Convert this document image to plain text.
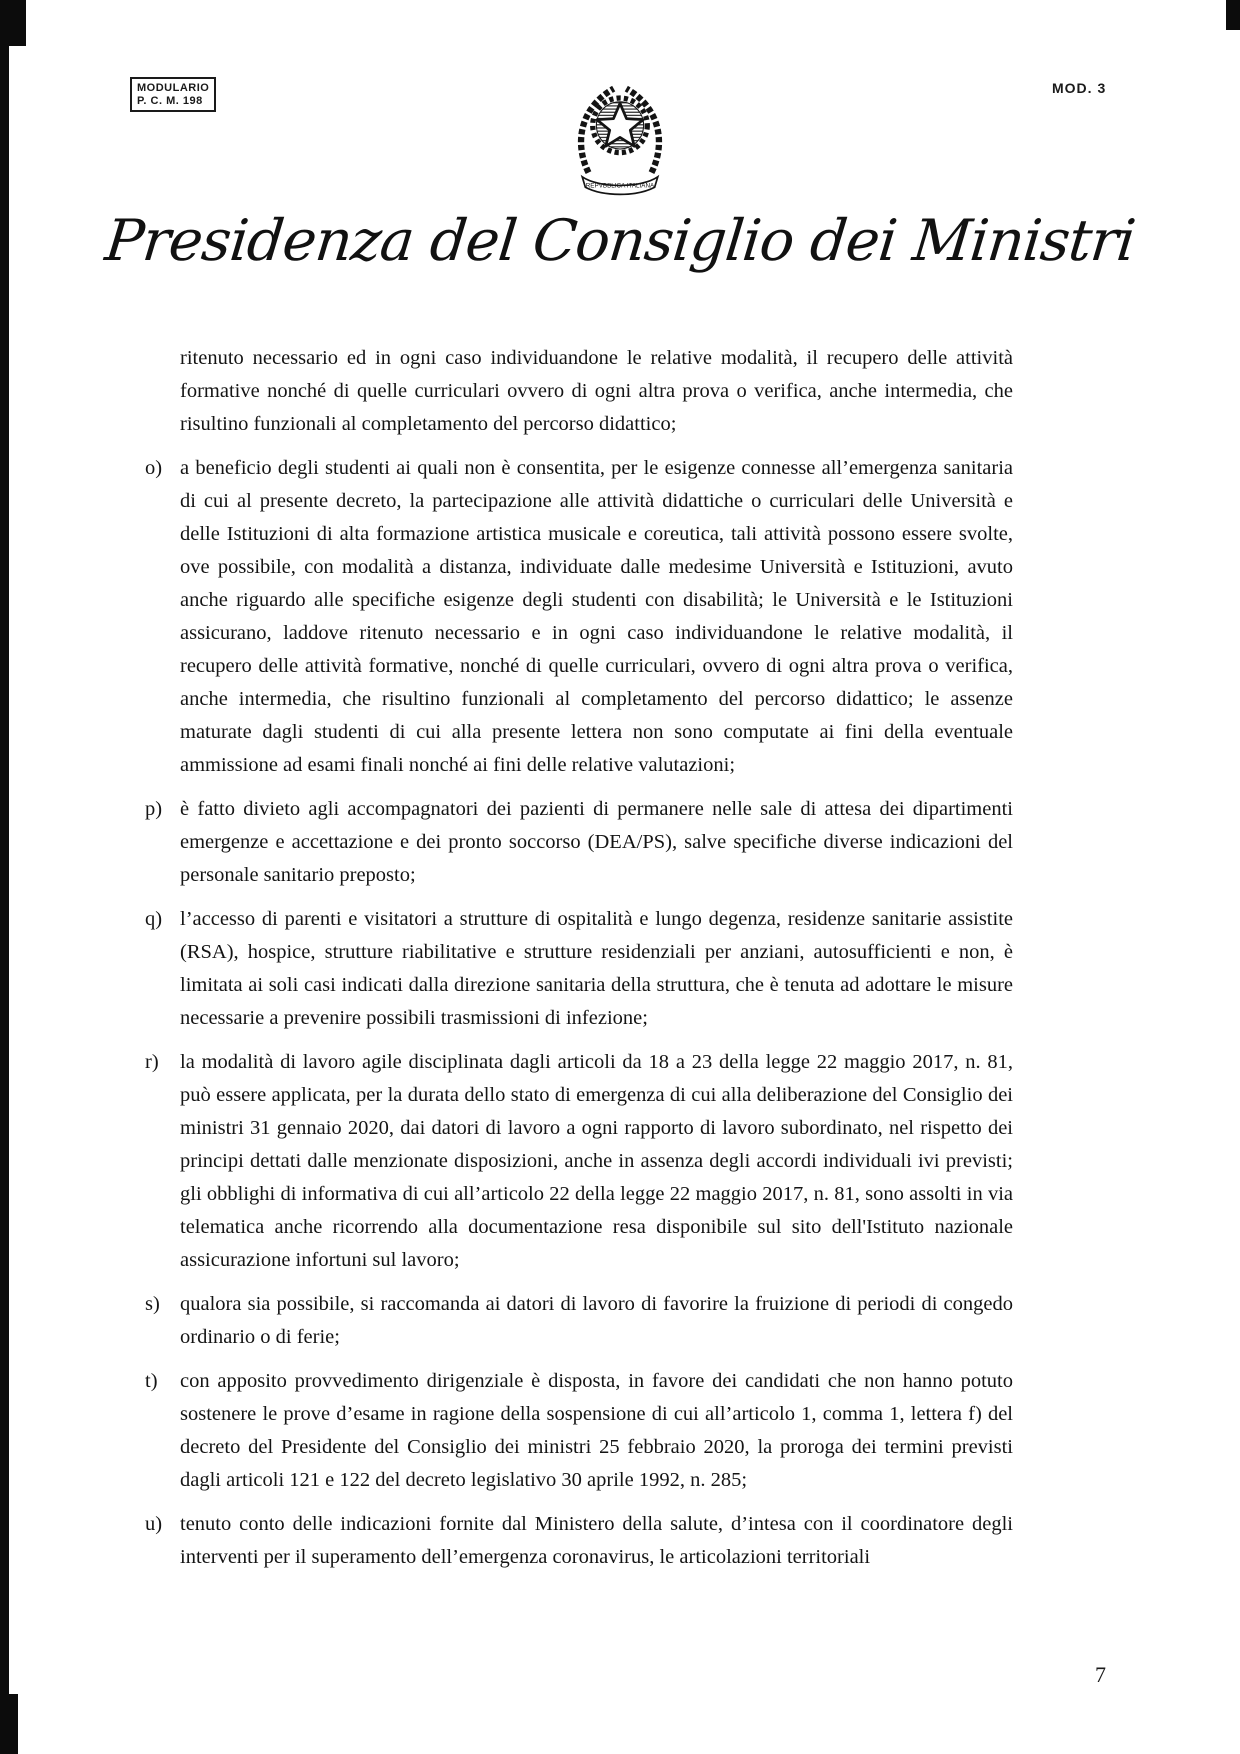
MODULARIO
P. C. M. 198
MOD. 3
REPVBBLICA ITALIANA
Presidenza del Consiglio dei Ministri

ritenuto necessario ed in ogni caso individuandone le relative modalità, il recupero delle attività formative nonché di quelle curriculari ovvero di ogni altra prova o verifica, anche intermedia, che risultino funzionali al completamento del percorso didattico;

o) a beneficio degli studenti ai quali non è consentita, per le esigenze connesse all’emergenza sanitaria di cui al presente decreto, la partecipazione alle attività didattiche o curriculari delle Università e delle Istituzioni di alta formazione artistica musicale e coreutica, tali attività possono essere svolte, ove possibile, con modalità a distanza, individuate dalle medesime Università e Istituzioni, avuto anche riguardo alle specifiche esigenze degli studenti con disabilità; le Università e le Istituzioni assicurano, laddove ritenuto necessario e in ogni caso individuandone le relative modalità, il recupero delle attività formative, nonché di quelle curriculari, ovvero di ogni altra prova o verifica, anche intermedia, che risultino funzionali al completamento del percorso didattico; le assenze maturate dagli studenti di cui alla presente lettera non sono computate ai fini della eventuale ammissione ad esami finali nonché ai fini delle relative valutazioni;
p) è fatto divieto agli accompagnatori dei pazienti di permanere nelle sale di attesa dei dipartimenti emergenze e accettazione e dei pronto soccorso (DEA/PS), salve specifiche diverse indicazioni del personale sanitario preposto;
q) l’accesso di parenti e visitatori a strutture di ospitalità e lungo degenza, residenze sanitarie assistite (RSA), hospice, strutture riabilitative e strutture residenziali per anziani, autosufficienti e non, è limitata ai soli casi indicati dalla direzione sanitaria della struttura, che è tenuta ad adottare le misure necessarie a prevenire possibili trasmissioni di infezione;
r)	la modalità di lavoro agile disciplinata dagli articoli da 18 a 23 della legge 22 maggio 2017, n. 81, può essere applicata, per la durata dello stato di emergenza di cui alla deliberazione del Consiglio dei ministri 31 gennaio 2020, dai datori di lavoro a ogni rapporto di lavoro subordinato, nel rispetto dei principi dettati dalle menzionate disposizioni, anche in assenza degli accordi individuali ivi previsti; gli obblighi di informativa di cui all’articolo 22 della legge 22 maggio 2017, n. 81, sono assolti in via telematica anche ricorrendo alla documentazione resa disponibile sul sito dell'Istituto nazionale assicurazione infortuni sul lavoro;
s) qualora sia possibile, si raccomanda ai datori di lavoro di favorire la fruizione di periodi di congedo ordinario o di ferie;
t)	con apposito provvedimento dirigenziale è disposta, in favore dei candidati che non hanno potuto sostenere le prove d’esame in ragione della sospensione di cui all’articolo 1, comma 1, lettera f) del decreto del Presidente del Consiglio dei ministri 25 febbraio 2020, la proroga dei termini previsti dagli articoli 121 e 122 del decreto legislativo 30 aprile 1992, n. 285;
u) tenuto conto delle indicazioni fornite dal Ministero della salute, d’intesa con il coordinatore degli interventi per il superamento dell’emergenza coronavirus, le articolazioni territoriali
7
